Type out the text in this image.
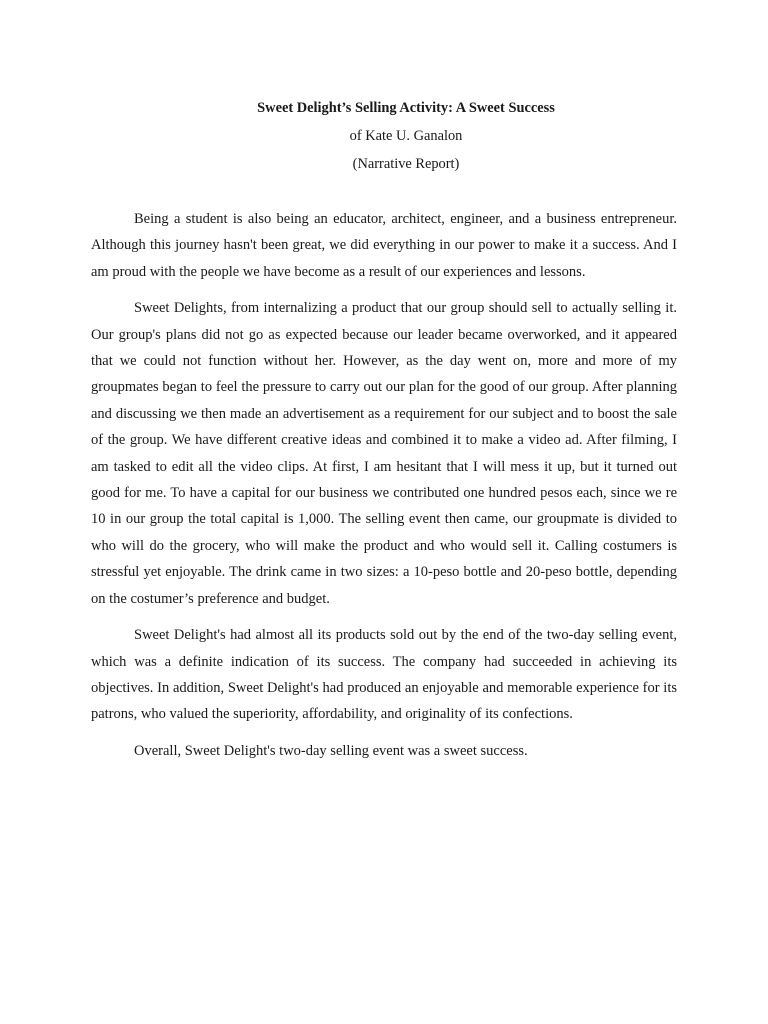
Sweet Delight’s Selling Activity: A Sweet Success

of Kate U. Ganalon

(Narrative Report)

Being a student is also being an educator, architect, engineer, and a business entrepreneur. Although this journey hasn't been great, we did everything in our power to make it a success. And I am proud with the people we have become as a result of our experiences and lessons.

Sweet Delights, from internalizing a product that our group should sell to actually selling it. Our group's plans did not go as expected because our leader became overworked, and it appeared that we could not function without her. However, as the day went on, more and more of my groupmates began to feel the pressure to carry out our plan for the good of our group. After planning and discussing we then made an advertisement as a requirement for our subject and to boost the sale of the group. We have different creative ideas and combined it to make a video ad. After filming, I am tasked to edit all the video clips. At first, I am hesitant that I will mess it up, but it turned out good for me. To have a capital for our business we contributed one hundred pesos each, since we re 10 in our group the total capital is 1,000. The selling event then came, our groupmate is divided to who will do the grocery, who will make the product and who would sell it. Calling costumers is stressful yet enjoyable. The drink came in two sizes: a 10-peso bottle and 20-peso bottle, depending on the costumer’s preference and budget.

Sweet Delight's had almost all its products sold out by the end of the two-day selling event, which was a definite indication of its success. The company had succeeded in achieving its objectives. In addition, Sweet Delight's had produced an enjoyable and memorable experience for its patrons, who valued the superiority, affordability, and originality of its confections.

Overall, Sweet Delight's two-day selling event was a sweet success.
